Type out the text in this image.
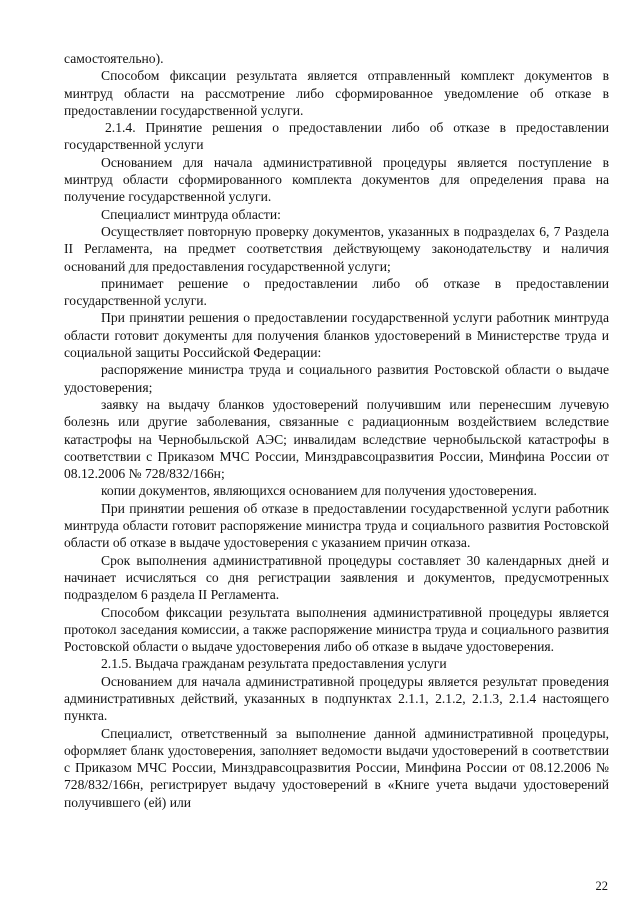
самостоятельно).

Способом фиксации результата является отправленный комплект документов в минтруд области на рассмотрение либо сформированное уведомление об отказе в предоставлении государственной услуги.

2.1.4. Принятие решения о предоставлении либо об отказе в предоставлении государственной услуги

Основанием для начала административной процедуры является поступление в минтруд области сформированного комплекта документов для определения права на получение государственной услуги.

Специалист минтруда области:

Осуществляет повторную проверку документов, указанных в подразделах 6, 7 Раздела II Регламента, на предмет соответствия действующему законодательству и наличия оснований для предоставления государственной услуги;

принимает решение о предоставлении либо об отказе в предоставлении государственной услуги.

При принятии решения о предоставлении государственной услуги работник минтруда области готовит документы для получения бланков удостоверений в Министерстве труда и социальной защиты Российской Федерации:

распоряжение министра труда и социального развития Ростовской области о выдаче удостоверения;

заявку на выдачу бланков удостоверений получившим или перенесшим лучевую болезнь или другие заболевания, связанные с радиационным воздействием вследствие катастрофы на Чернобыльской АЭС; инвалидам вследствие чернобыльской катастрофы в соответствии с Приказом МЧС России, Минздравсоцразвития России, Минфина России от 08.12.2006 № 728/832/166н;

копии документов, являющихся основанием для получения удостоверения.

При принятии решения об отказе в предоставлении государственной услуги работник минтруда области готовит распоряжение министра труда и социального развития Ростовской области об отказе в выдаче удостоверения с указанием причин отказа.

Срок выполнения административной процедуры составляет 30 календарных дней и начинает исчисляться со дня регистрации заявления и документов, предусмотренных подразделом 6 раздела II Регламента.

Способом фиксации результата выполнения административной процедуры является протокол заседания комиссии, а также распоряжение министра труда и социального развития Ростовской области о выдаче удостоверения либо об отказе в выдаче удостоверения.

2.1.5. Выдача гражданам результата предоставления услуги

Основанием для начала административной процедуры является результат проведения административных действий, указанных в подпунктах 2.1.1, 2.1.2, 2.1.3, 2.1.4 настоящего пункта.

Специалист, ответственный за выполнение данной административной процедуры, оформляет бланк удостоверения, заполняет ведомости выдачи удостоверений в соответствии с Приказом МЧС России, Минздравсоцразвития России, Минфина России от 08.12.2006 № 728/832/166н, регистрирует выдачу удостоверений в «Книге учета выдачи удостоверений получившего (ей) или

22
